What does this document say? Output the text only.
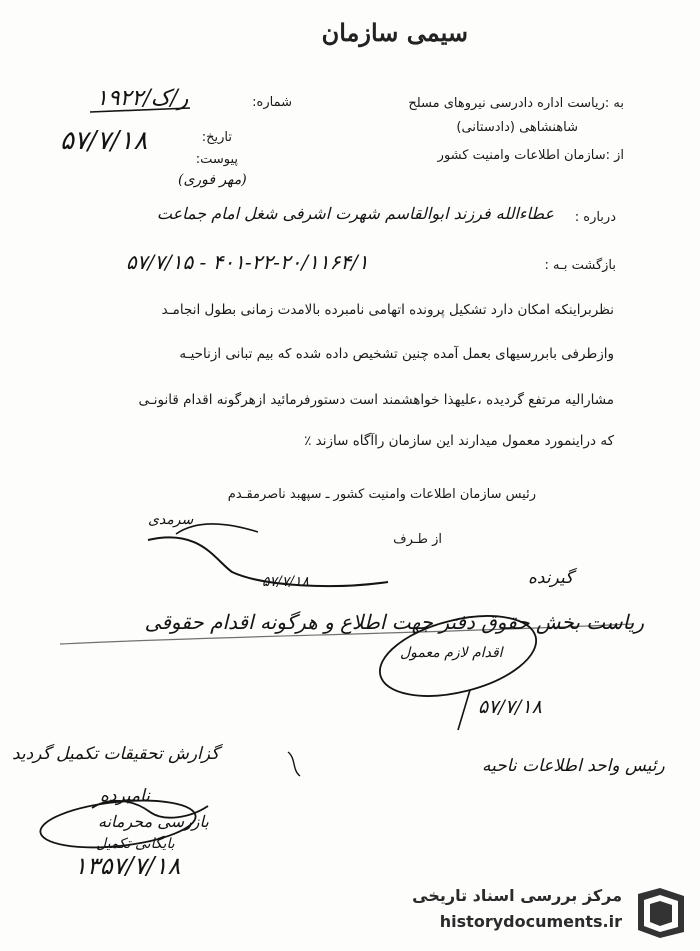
سیمی سازمان
شماره:
۱۹۲۲/ر/ک
تاریخ:
۵۷/۷/۱۸
پیوست:
(مهر فوری)
به :ریاست اداره دادرسی نیروهای مسلح
شاهنشاهی (دادستانی)
از :سازمان اطلاعات وامنیت کشور
درباره :
عطاءالله فرزند ابوالقاسم شهرت اشرفی شغل امام جماعت
بازگشت بـه :
۵۷/۷/۱۵ - ۴۰۱-۲۲-۲۰/۱۱۶۴/۱
نظربراینکه امکان دارد تشکیل پرونده اتهامی نامبرده بالامدت زمانی بطول انجامـد
وازطرفی بابررسیهای بعمل آمده چنین تشخیص داده شده که بیم تبانی ازناحیـه
مشارالیه مرتفع گردیده ،علیهذا خواهشمند است دستورفرمائید ازهرگونه اقدام قانونـی
که دراینمورد معمول میدارند این سازمان راآگاه سازند ٪
رئیس سازمان اطلاعات وامنیت کشور ـ سپهبد ناصرمقـدم
از طـرف
سرمدی
۵۷/۷/۱۸	گیرنده
ریاست بخش حقوق دفتر جهت اطلاع و هرگونه اقدام حقوقی
اقدام لازم معمول
۵۷/۷/۱۸
رئیس واحد اطلاعات ناحیه
گزارش تحقیقات تکمیل گردید
نامبرده
بازرسی محرمانه
بایگانی تکمیل
۱۳۵۷/۷/۱۸
مرکز بررسی اسناد تاریخی
historydocuments.ir
